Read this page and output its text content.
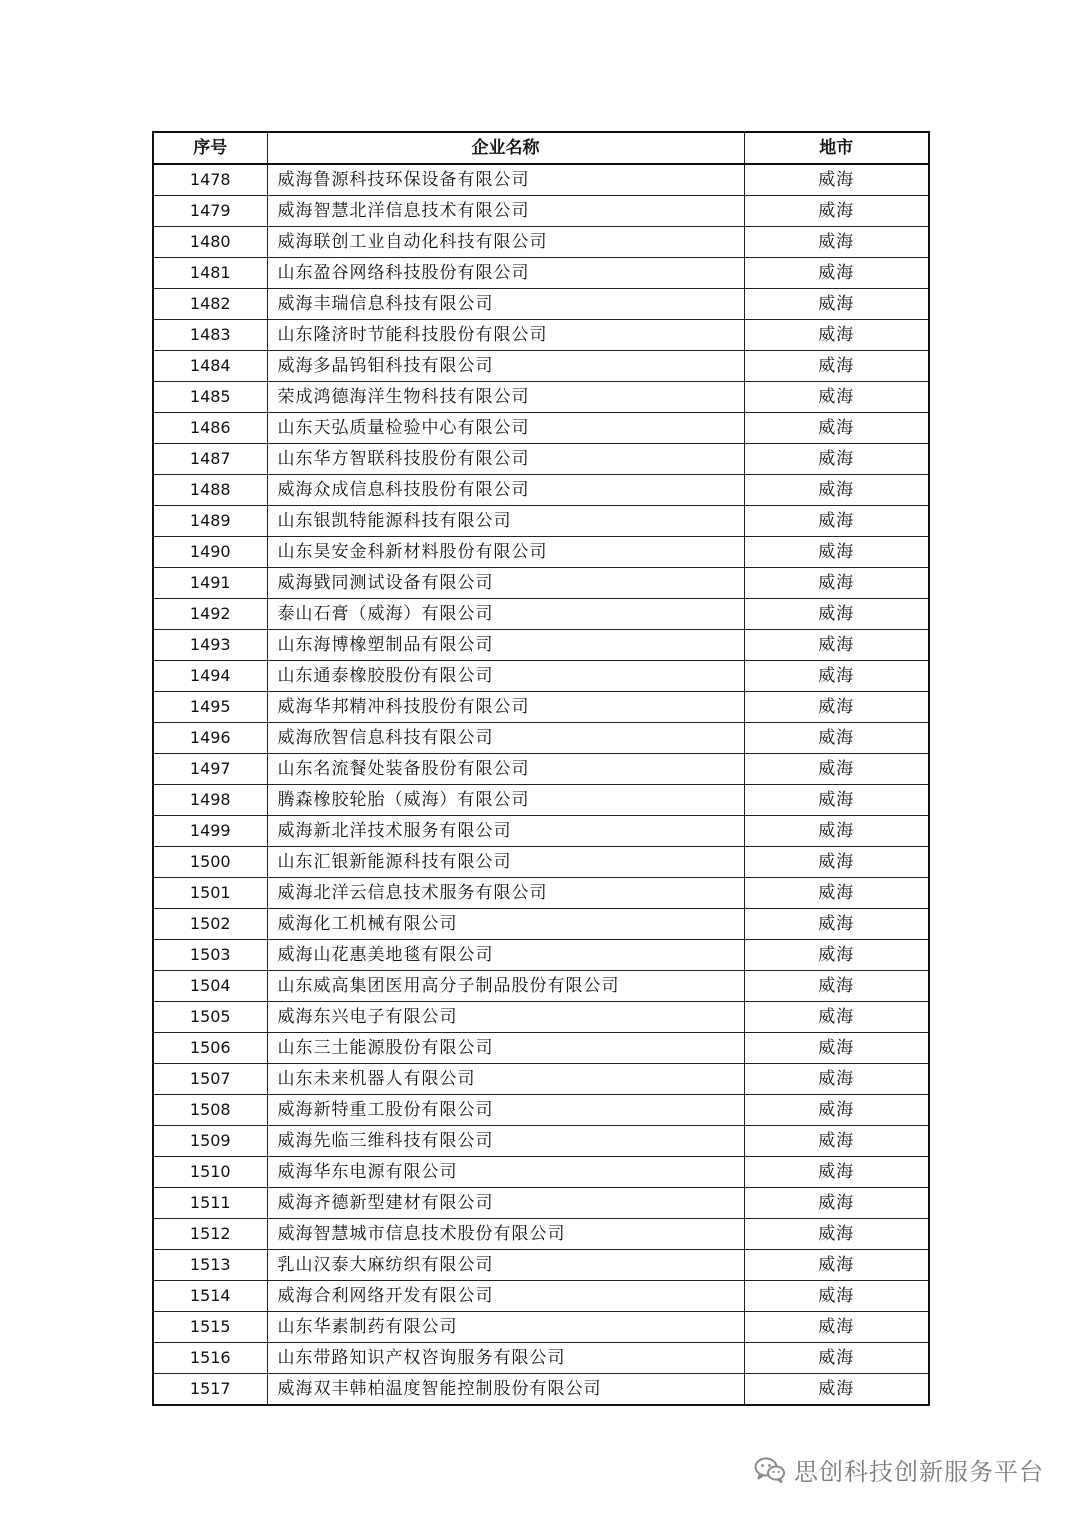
序号	企业名称	地市
1478	威海鲁源科技环保设备有限公司	威海
1479	威海智慧北洋信息技术有限公司	威海
1480	威海联创工业自动化科技有限公司	威海
1481	山东盈谷网络科技股份有限公司	威海
1482	威海丰瑞信息科技有限公司	威海
1483	山东隆济时节能科技股份有限公司	威海
1484	威海多晶钨钼科技有限公司	威海
1485	荣成鸿德海洋生物科技有限公司	威海
1486	山东天弘质量检验中心有限公司	威海
1487	山东华方智联科技股份有限公司	威海
1488	威海众成信息科技股份有限公司	威海
1489	山东银凯特能源科技有限公司	威海
1490	山东昊安金科新材料股份有限公司	威海
1491	威海戥同测试设备有限公司	威海
1492	泰山石膏（威海）有限公司	威海
1493	山东海博橡塑制品有限公司	威海
1494	山东通泰橡胶股份有限公司	威海
1495	威海华邦精冲科技股份有限公司	威海
1496	威海欣智信息科技有限公司	威海
1497	山东名流餐处装备股份有限公司	威海
1498	腾森橡胶轮胎（威海）有限公司	威海
1499	威海新北洋技术服务有限公司	威海
1500	山东汇银新能源科技有限公司	威海
1501	威海北洋云信息技术服务有限公司	威海
1502	威海化工机械有限公司	威海
1503	威海山花惠美地毯有限公司	威海
1504	山东威高集团医用高分子制品股份有限公司	威海
1505	威海东兴电子有限公司	威海
1506	山东三土能源股份有限公司	威海
1507	山东未来机器人有限公司	威海
1508	威海新特重工股份有限公司	威海
1509	威海先临三维科技有限公司	威海
1510	威海华东电源有限公司	威海
1511	威海齐德新型建材有限公司	威海
1512	威海智慧城市信息技术股份有限公司	威海
1513	乳山汉泰大麻纺织有限公司	威海
1514	威海合利网络开发有限公司	威海
1515	山东华素制药有限公司	威海
1516	山东带路知识产权咨询服务有限公司	威海
1517	威海双丰韩柏温度智能控制股份有限公司	威海
思创科技创新服务平台
